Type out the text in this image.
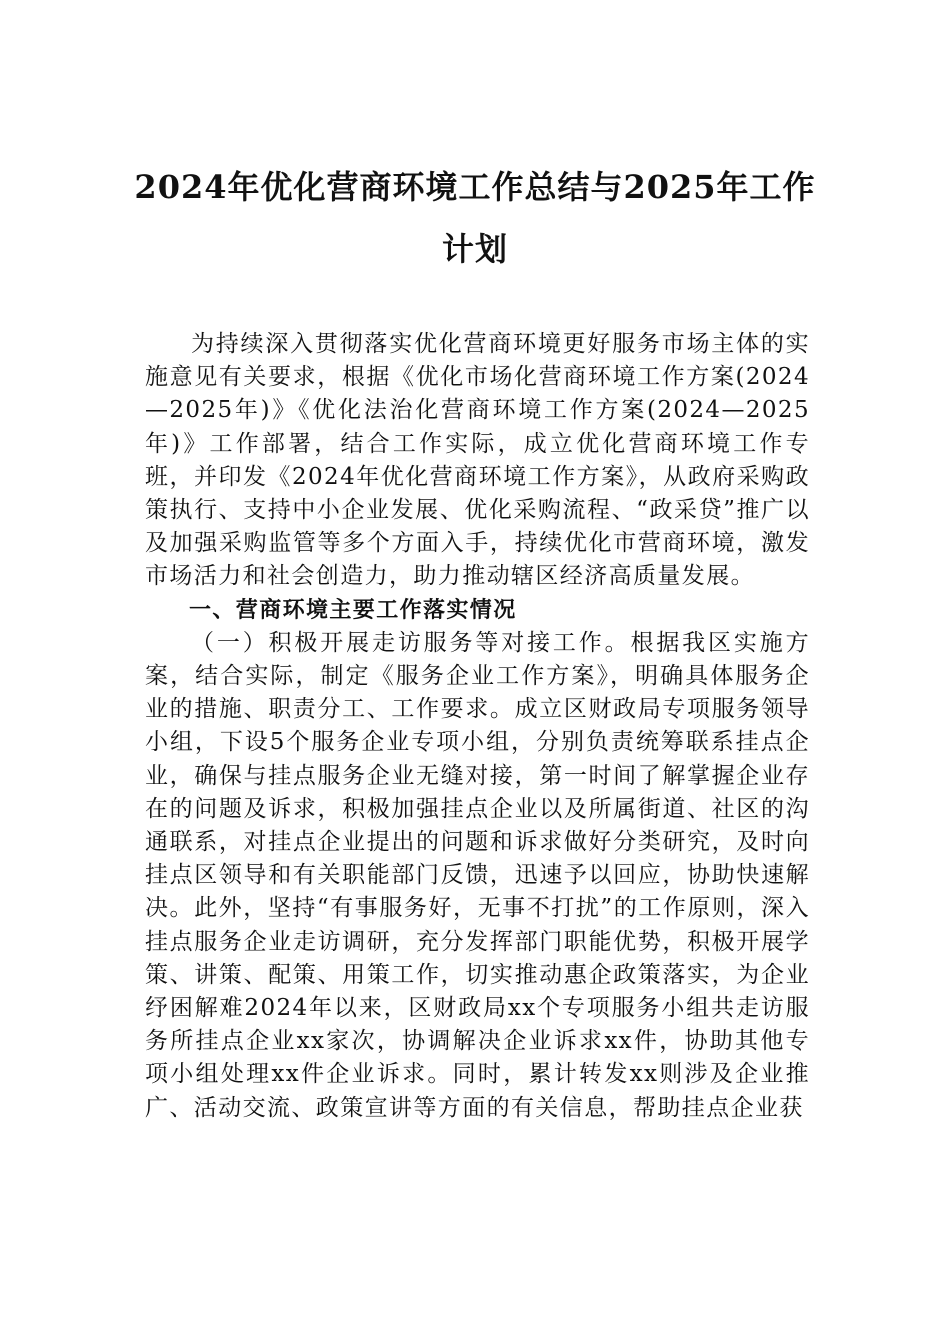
2024年优化营商环境工作总结与2025年工作计划

为持续深入贯彻落实优化营商环境更好服务市场主体的实施意见有关要求，根据《优化市场化营商环境工作方案(2024—2025年)》《优化法治化营商环境工作方案(2024—2025年)》工作部署，结合工作实际，成立优化营商环境工作专班，并印发《2024年优化营商环境工作方案》，从政府采购政策执行、支持中小企业发展、优化采购流程、“政采贷”推广以及加强采购监管等多个方面入手，持续优化市营商环境，激发市场活力和社会创造力，助力推动辖区经济高质量发展。

一、营商环境主要工作落实情况

（一）积极开展走访服务等对接工作。根据我区实施方案，结合实际，制定《服务企业工作方案》，明确具体服务企业的措施、职责分工、工作要求。成立区财政局专项服务领导小组，下设5个服务企业专项小组，分别负责统筹联系挂点企业，确保与挂点服务企业无缝对接，第一时间了解掌握企业存在的问题及诉求，积极加强挂点企业以及所属街道、社区的沟通联系，对挂点企业提出的问题和诉求做好分类研究，及时向挂点区领导和有关职能部门反馈，迅速予以回应，协助快速解决。此外，坚持“有事服务好，无事不打扰”的工作原则，深入挂点服务企业走访调研，充分发挥部门职能优势，积极开展学策、讲策、配策、用策工作，切实推动惠企政策落实，为企业纾困解难2024年以来，区财政局xx个专项服务小组共走访服务所挂点企业xx家次，协调解决企业诉求xx件，协助其他专项小组处理xx件企业诉求。同时，累计转发xx则涉及企业推广、活动交流、政策宣讲等方面的有关信息，帮助挂点企业获
